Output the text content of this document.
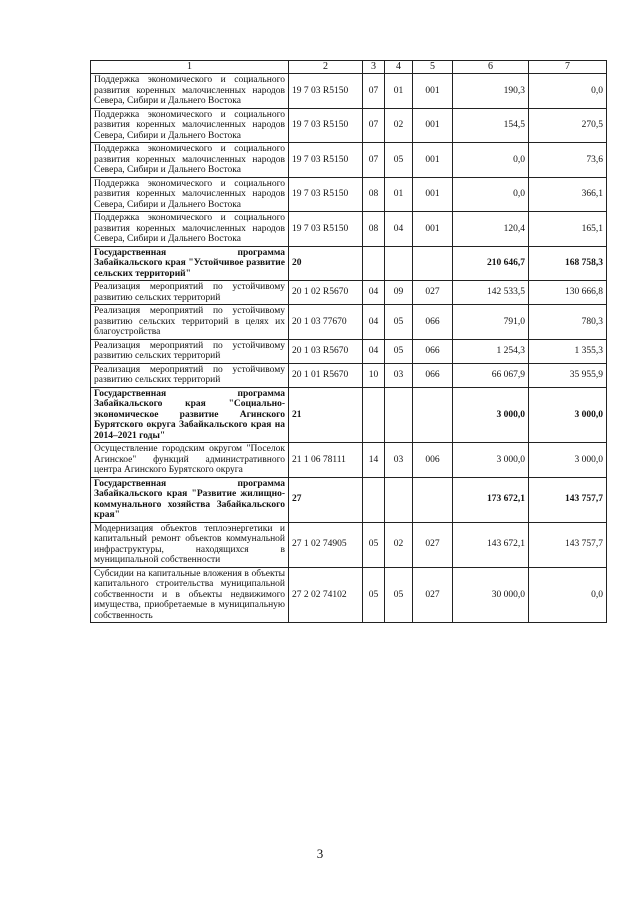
1	2	3	4	5	6	7
Поддержка экономического и социального развития коренных малочисленных народов Севера, Сибири и Дальнего Востока	19 7 03 R5150	07	01	001	190,3	0,0
Поддержка экономического и социального развития коренных малочисленных народов Севера, Сибири и Дальнего Востока	19 7 03 R5150	07	02	001	154,5	270,5
Поддержка экономического и социального развития коренных малочисленных народов Севера, Сибири и Дальнего Востока	19 7 03 R5150	07	05	001	0,0	73,6
Поддержка экономического и социального развития коренных малочисленных народов Севера, Сибири и Дальнего Востока	19 7 03 R5150	08	01	001	0,0	366,1
Поддержка экономического и социального развития коренных малочисленных народов Севера, Сибири и Дальнего Востока	19 7 03 R5150	08	04	001	120,4	165,1
Государственная программа Забайкальского края "Устойчивое развитие сельских территорий"	20				210 646,7	168 758,3
Реализация мероприятий по устойчивому развитию сельских территорий	20 1 02 R5670	04	09	027	142 533,5	130 666,8
Реализация мероприятий по устойчивому развитию сельских территорий в целях их благоустройства	20 1 03 77670	04	05	066	791,0	780,3
Реализация мероприятий по устойчивому развитию сельских территорий	20 1 03 R5670	04	05	066	1 254,3	1 355,3
Реализация мероприятий по устойчивому развитию сельских территорий	20 1 01 R5670	10	03	066	66 067,9	35 955,9
Государственная программа Забайкальского края "Социально-экономическое развитие Агинского Бурятского округа Забайкальского края на 2014–2021 годы"	21				3 000,0	3 000,0
Осуществление городским округом "Поселок Агинское" функций административного центра Агинского Бурятского округа	21 1 06 78111	14	03	006	3 000,0	3 000,0
Государственная программа Забайкальского края "Развитие жилищно-коммунального хозяйства Забайкальского края"	27				173 672,1	143 757,7
Модернизация объектов теплоэнергетики и капитальный ремонт объектов коммунальной инфраструктуры, находящихся в муниципальной собственности	27 1 02 74905	05	02	027	143 672,1	143 757,7
Субсидии на капитальные вложения в объекты капитального строительства муниципальной собственности и в объекты недвижимого имущества, приобретаемые в муниципальную собственность	27 2 02 74102	05	05	027	30 000,0	0,0
3
